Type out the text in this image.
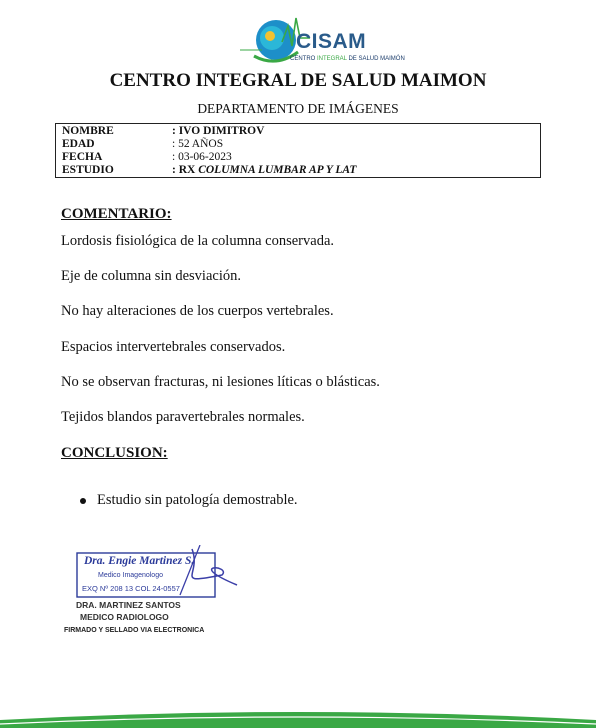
CISAM
CENTRO INTEGRAL DE SALUD MAIMÓN
CENTRO INTEGRAL DE SALUD MAIMON
DEPARTAMENTO DE IMÁGENES
NOMBRE	: IVO DIMITROV
EDAD	: 52 AÑOS
FECHA	: 03-06-2023
ESTUDIO	: RX COLUMNA LUMBAR AP Y LAT
COMENTARIO:
Lordosis fisiológica de la columna conservada.
Eje de columna sin desviación.
No hay alteraciones de los cuerpos vertebrales.
Espacios intervertebrales conservados.
No se observan fracturas, ni lesiones líticas o blásticas.
Tejidos blandos paravertebrales normales.
CONCLUSION:
Estudio sin patología demostrable.
Dra. Engie Martinez S.
Medico Imagenologo
EXQ Nº 208 13 COL 24-0557
DRA. MARTINEZ SANTOS
MEDICO RADIOLOGO
FIRMADO Y SELLADO VIA ELECTRONICA
